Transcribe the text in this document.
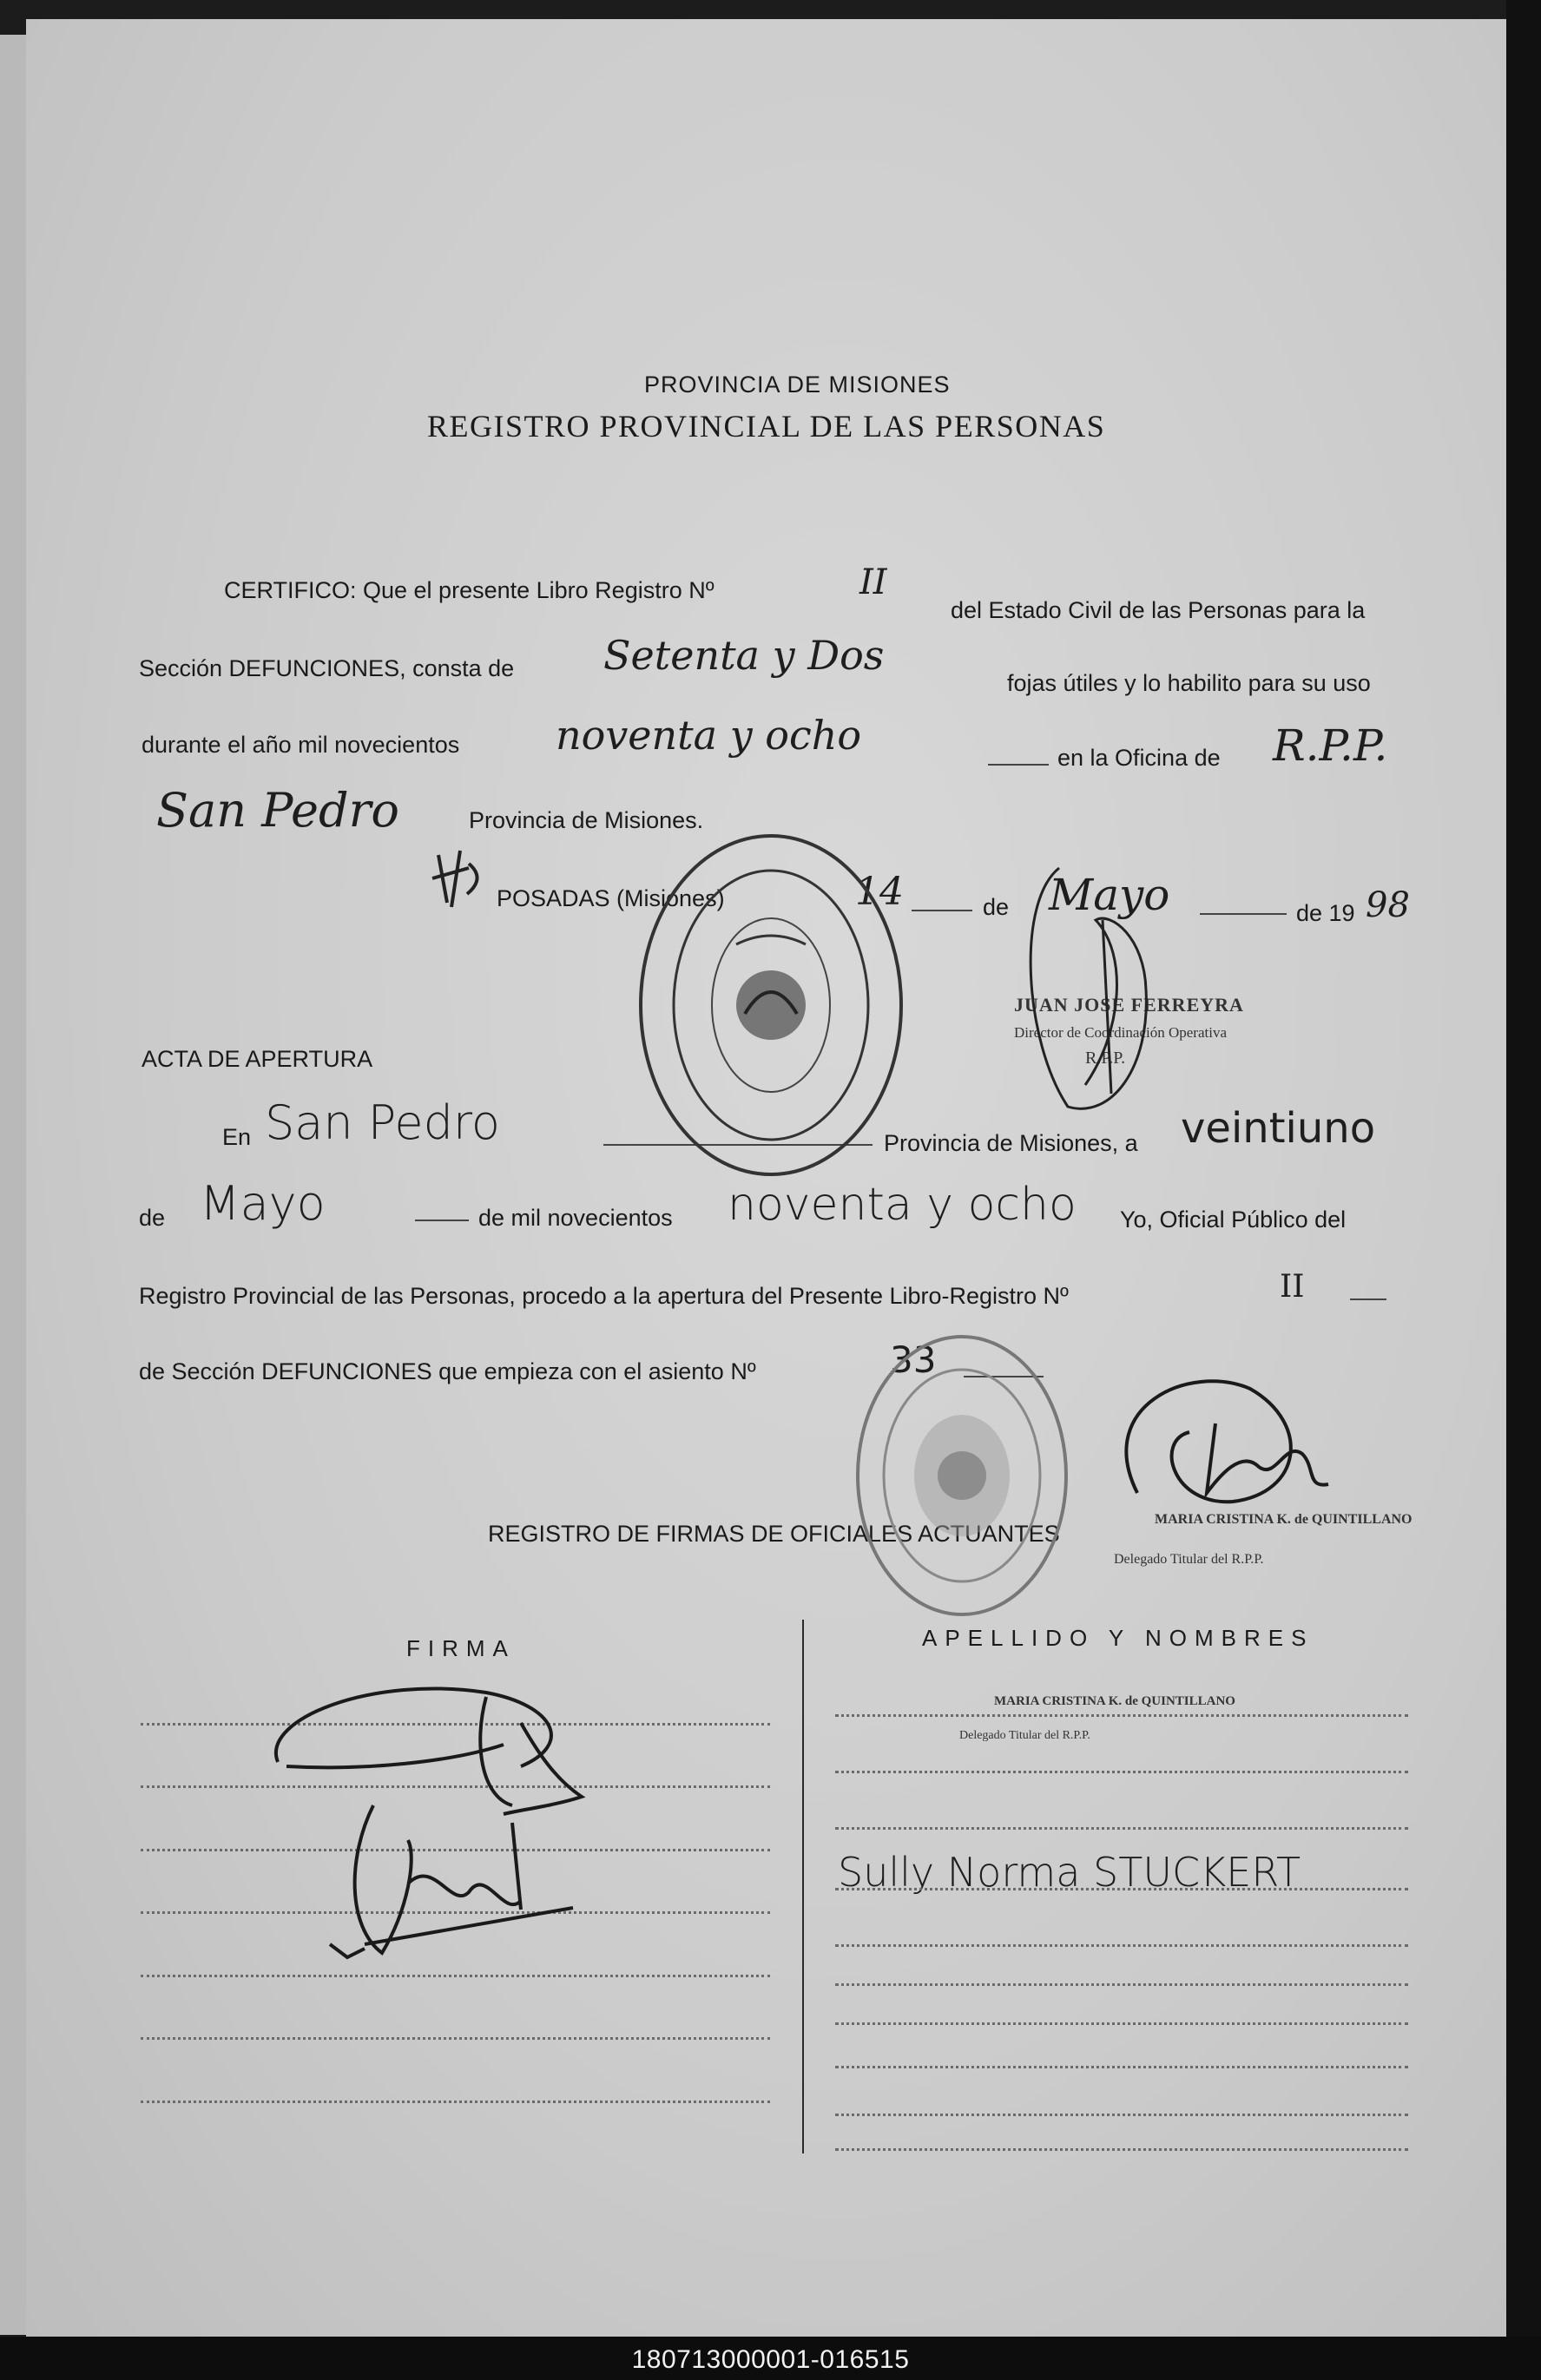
PROVINCIA DE MISIONES
REGISTRO PROVINCIAL DE LAS PERSONAS
CERTIFICO: Que el presente Libro Registro Nº	II
del Estado Civil de las Personas para la
Sección DEFUNCIONES, consta de Setenta y Dos
fojas útiles y lo habilito para su uso
durante el año mil novecientos noventa y ocho	en la Oficina de R.P.P.
San Pedro	Provincia de Misiones.
POSADAS (Misiones)	14	de Mayo	de 19 98
JUAN JOSE FERREYRA
Director de Coordinación Operativa
R.P.P.
ACTA DE APERTURA
En San Pedro	Provincia de Misiones, a veintiuno
de Mayo	de mil novecientos noventa y ocho Yo, Oficial Público del
Registro Provincial de las Personas, procedo a la apertura del Presente Libro-Registro Nº	II
de Sección DEFUNCIONES que empieza con el asiento Nº	33
MARIA CRISTINA K. de QUINTILLANO
Delegado Titular del R.P.P.
REGISTRO DE FIRMAS DE OFICIALES ACTUANTES
FIRMA	APELLIDO Y NOMBRES
MARIA CRISTINA K. de QUINTILLANO
Delegado Titular del R.P.P.
Sully Norma STUCKERT
180713000001-016515
